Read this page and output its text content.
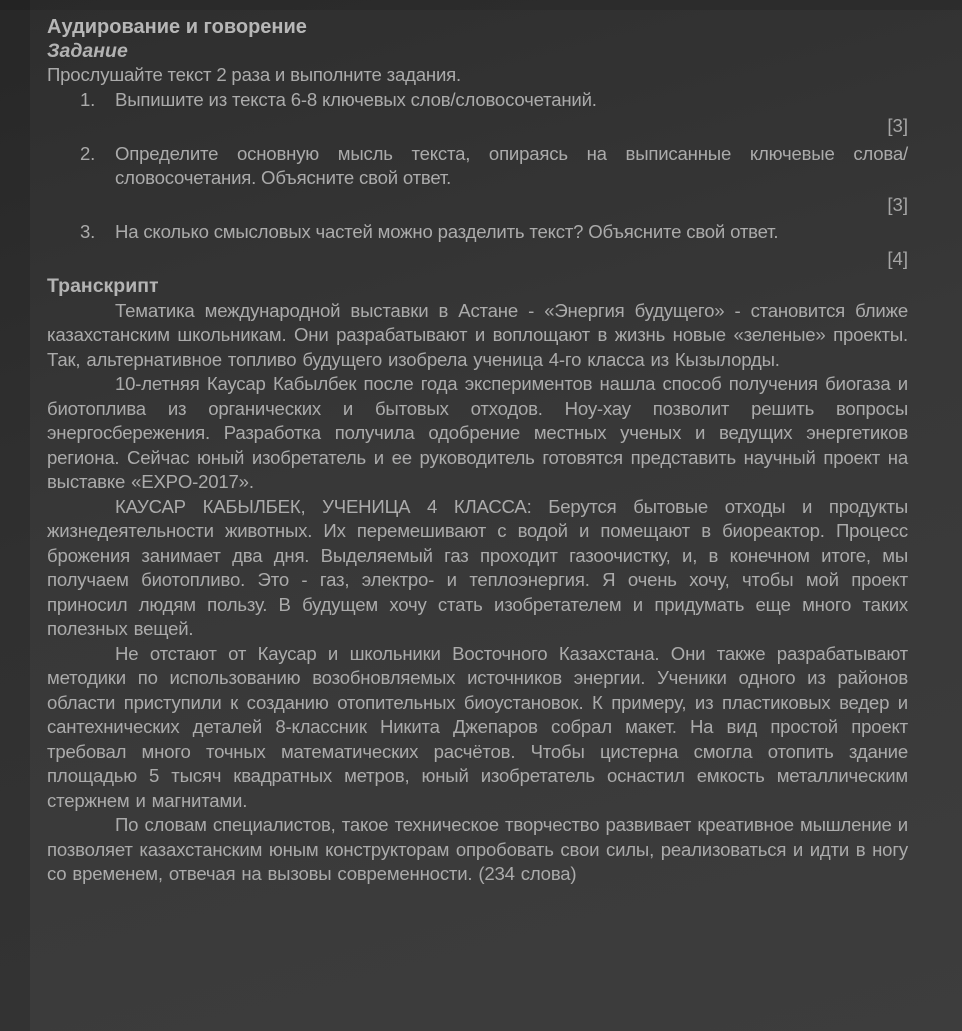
Аудирование и говорение
Задание
Прослушайте текст 2 раза и выполните задания.
1. Выпишите из текста 6-8 ключевых слов/словосочетаний.
[3]
2. Определите основную мысль текста, опираясь на выписанные ключевые слова/словосочетания. Объясните свой ответ.
[3]
3. На сколько смысловых частей можно разделить текст? Объясните свой ответ.
[4]
Транскрипт

Тематика международной выставки в Астане - «Энергия будущего» - становится ближе казахстанским школьникам. Они разрабатывают и воплощают в жизнь новые «зеленые» проекты. Так, альтернативное топливо будущего изобрела ученица 4-го класса из Кызылорды.

10-летняя Каусар Кабылбек после года экспериментов нашла способ получения биогаза и биотоплива из органических и бытовых отходов. Ноу-хау позволит решить вопросы энергосбережения. Разработка получила одобрение местных ученых и ведущих энергетиков региона. Сейчас юный изобретатель и ее руководитель готовятся представить научный проект на выставке «EXPO-2017».

КАУСАР КАБЫЛБЕК, УЧЕНИЦА 4 КЛАССА: Берутся бытовые отходы и продукты жизнедеятельности животных. Их перемешивают с водой и помещают в биореактор. Процесс брожения занимает два дня. Выделяемый газ проходит газоочистку, и, в конечном итоге, мы получаем биотопливо. Это - газ, электро- и теплоэнергия. Я очень хочу, чтобы мой проект приносил людям пользу. В будущем хочу стать изобретателем и придумать еще много таких полезных вещей.

Не отстают от Каусар и школьники Восточного Казахстана. Они также разрабатывают методики по использованию возобновляемых источников энергии. Ученики одного из районов области приступили к созданию отопительных биоустановок. К примеру, из пластиковых ведер и сантехнических деталей 8-классник Никита Джепаров собрал макет. На вид простой проект требовал много точных математических расчётов. Чтобы цистерна смогла отопить здание площадью 5 тысяч квадратных метров, юный изобретатель оснастил емкость металлическим стержнем и магнитами.

По словам специалистов, такое техническое творчество развивает креативное мышление и позволяет казахстанским юным конструкторам опробовать свои силы, реализоваться и идти в ногу со временем, отвечая на вызовы современности. (234 слова)
